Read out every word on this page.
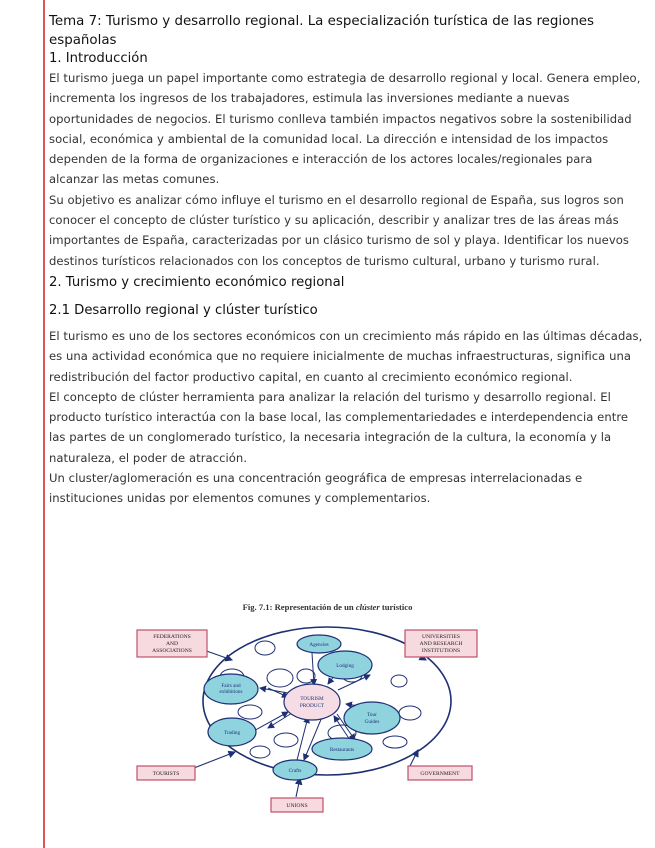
Tema 7: Turismo y desarrollo regional. La especialización turística de las regiones españolas
1. Introducción
El turismo juega un papel importante como estrategia de desarrollo regional y local. Genera empleo, incrementa los ingresos de los trabajadores, estimula las inversiones mediante a nuevas oportunidades de negocios. El turismo conlleva también impactos negativos sobre la sostenibilidad social, económica y ambiental de la comunidad local. La dirección e intensidad de los impactos dependen de la forma de organizaciones e interacción de los actores locales/regionales para alcanzar las metas comunes.
Su objetivo es analizar cómo influye el turismo en el desarrollo regional de España, sus logros son conocer el concepto de clúster turístico y su aplicación, describir y analizar tres de las áreas más importantes de España, caracterizadas por un clásico turismo de sol y playa. Identificar los nuevos destinos turísticos relacionados con los conceptos de turismo cultural, urbano y turismo rural.
2. Turismo y crecimiento económico regional
2.1 Desarrollo regional y clúster turístico
El turismo es uno de los sectores económicos con un crecimiento más rápido en las últimas décadas, es una actividad económica que no requiere inicialmente de muchas infraestructuras, significa una redistribución del factor productivo capital, en cuanto al crecimiento económico regional.
El concepto de clúster herramienta para analizar la relación del turismo y desarrollo regional. El producto turístico interactúa con la base local, las complementariedades e interdependencia entre las partes de un conglomerado turístico, la necesaria integración de la cultura, la economía y la naturaleza, el poder de atracción.
Un cluster/aglomeración es una concentración geográfica de empresas interrelacionadas e instituciones unidas por elementos comunes y complementarios.
Fig. 7.1: Representación de un clúster turístico
Agencies
Lodging
Fairs and
exhibitions
TOURISM
PRODUCT
Tour
Guides
Trading
Restaurants
Crafts
FEDERATIONS
AND
ASSOCIATIONS
UNIVERSITIES
AND RESEARCH
INSTITUTIONS
TOURISTS	GOVERNMENT
UNIONS
